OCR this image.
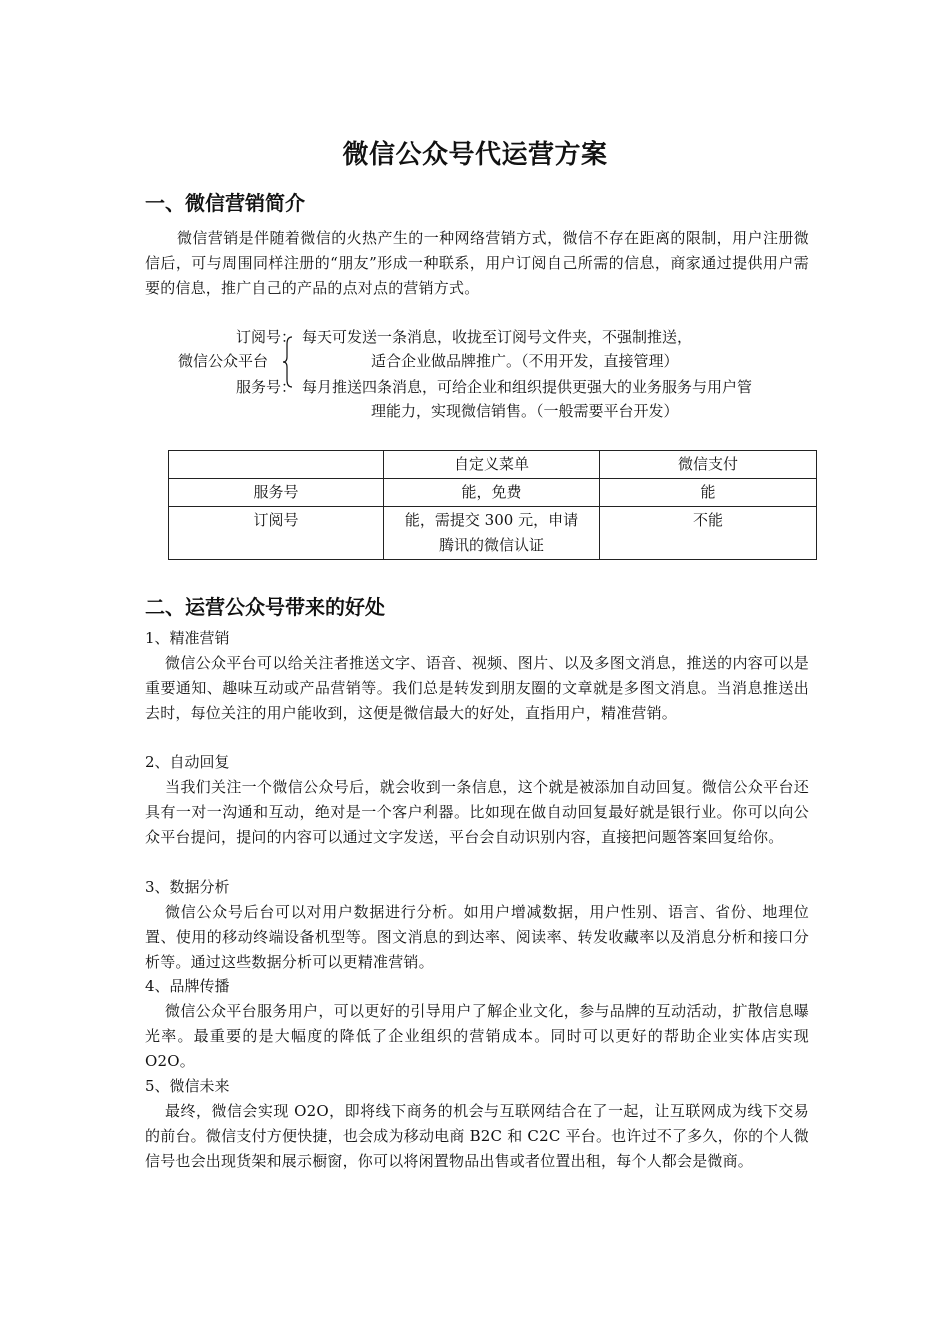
微信公众号代运营方案
一、微信营销简介
微信营销是伴随着微信的火热产生的一种网络营销方式，微信不存在距离的限制，用户注册微信后，可与周围同样注册的“朋友”形成一种联系，用户订阅自己所需的信息，商家通过提供用户需要的信息，推广自己的产品的点对点的营销方式。
订阅号： 每天可发送一条消息，收拢至订阅号文件夹，不强制推送，
微信公众平台	适合企业做品牌推广。（不用开发，直接管理）
服务号： 每月推送四条消息，可给企业和组织提供更强大的业务服务与用户管
理能力，实现微信销售。（一般需要平台开发）
	自定义菜单	微信支付
服务号	能，免费	能
订阅号	能，需提交 300 元，申请腾讯的微信认证	不能
二、运营公众号带来的好处
1、精准营销
微信公众平台可以给关注者推送文字、语音、视频、图片、以及多图文消息，推送的内容可以是重要通知、趣味互动或产品营销等。我们总是转发到朋友圈的文章就是多图文消息。当消息推送出去时，每位关注的用户能收到，这便是微信最大的好处，直指用户，精准营销。
2、自动回复
当我们关注一个微信公众号后，就会收到一条信息，这个就是被添加自动回复。微信公众平台还具有一对一沟通和互动，绝对是一个客户利器。比如现在做自动回复最好就是银行业。你可以向公众平台提问，提问的内容可以通过文字发送，平台会自动识别内容，直接把问题答案回复给你。
3、数据分析
微信公众号后台可以对用户数据进行分析。如用户增减数据，用户性别、语言、省份、地理位置、使用的移动终端设备机型等。图文消息的到达率、阅读率、转发收藏率以及消息分析和接口分析等。通过这些数据分析可以更精准营销。
4、品牌传播
微信公众平台服务用户，可以更好的引导用户了解企业文化，参与品牌的互动活动，扩散信息曝光率。最重要的是大幅度的降低了企业组织的营销成本。同时可以更好的帮助企业实体店实现 O2O。
5、微信未来
最终，微信会实现 O2O，即将线下商务的机会与互联网结合在了一起，让互联网成为线下交易的前台。微信支付方便快捷，也会成为移动电商 B2C 和 C2C 平台。也许过不了多久，你的个人微信号也会出现货架和展示橱窗，你可以将闲置物品出售或者位置出租，每个人都会是微商。
